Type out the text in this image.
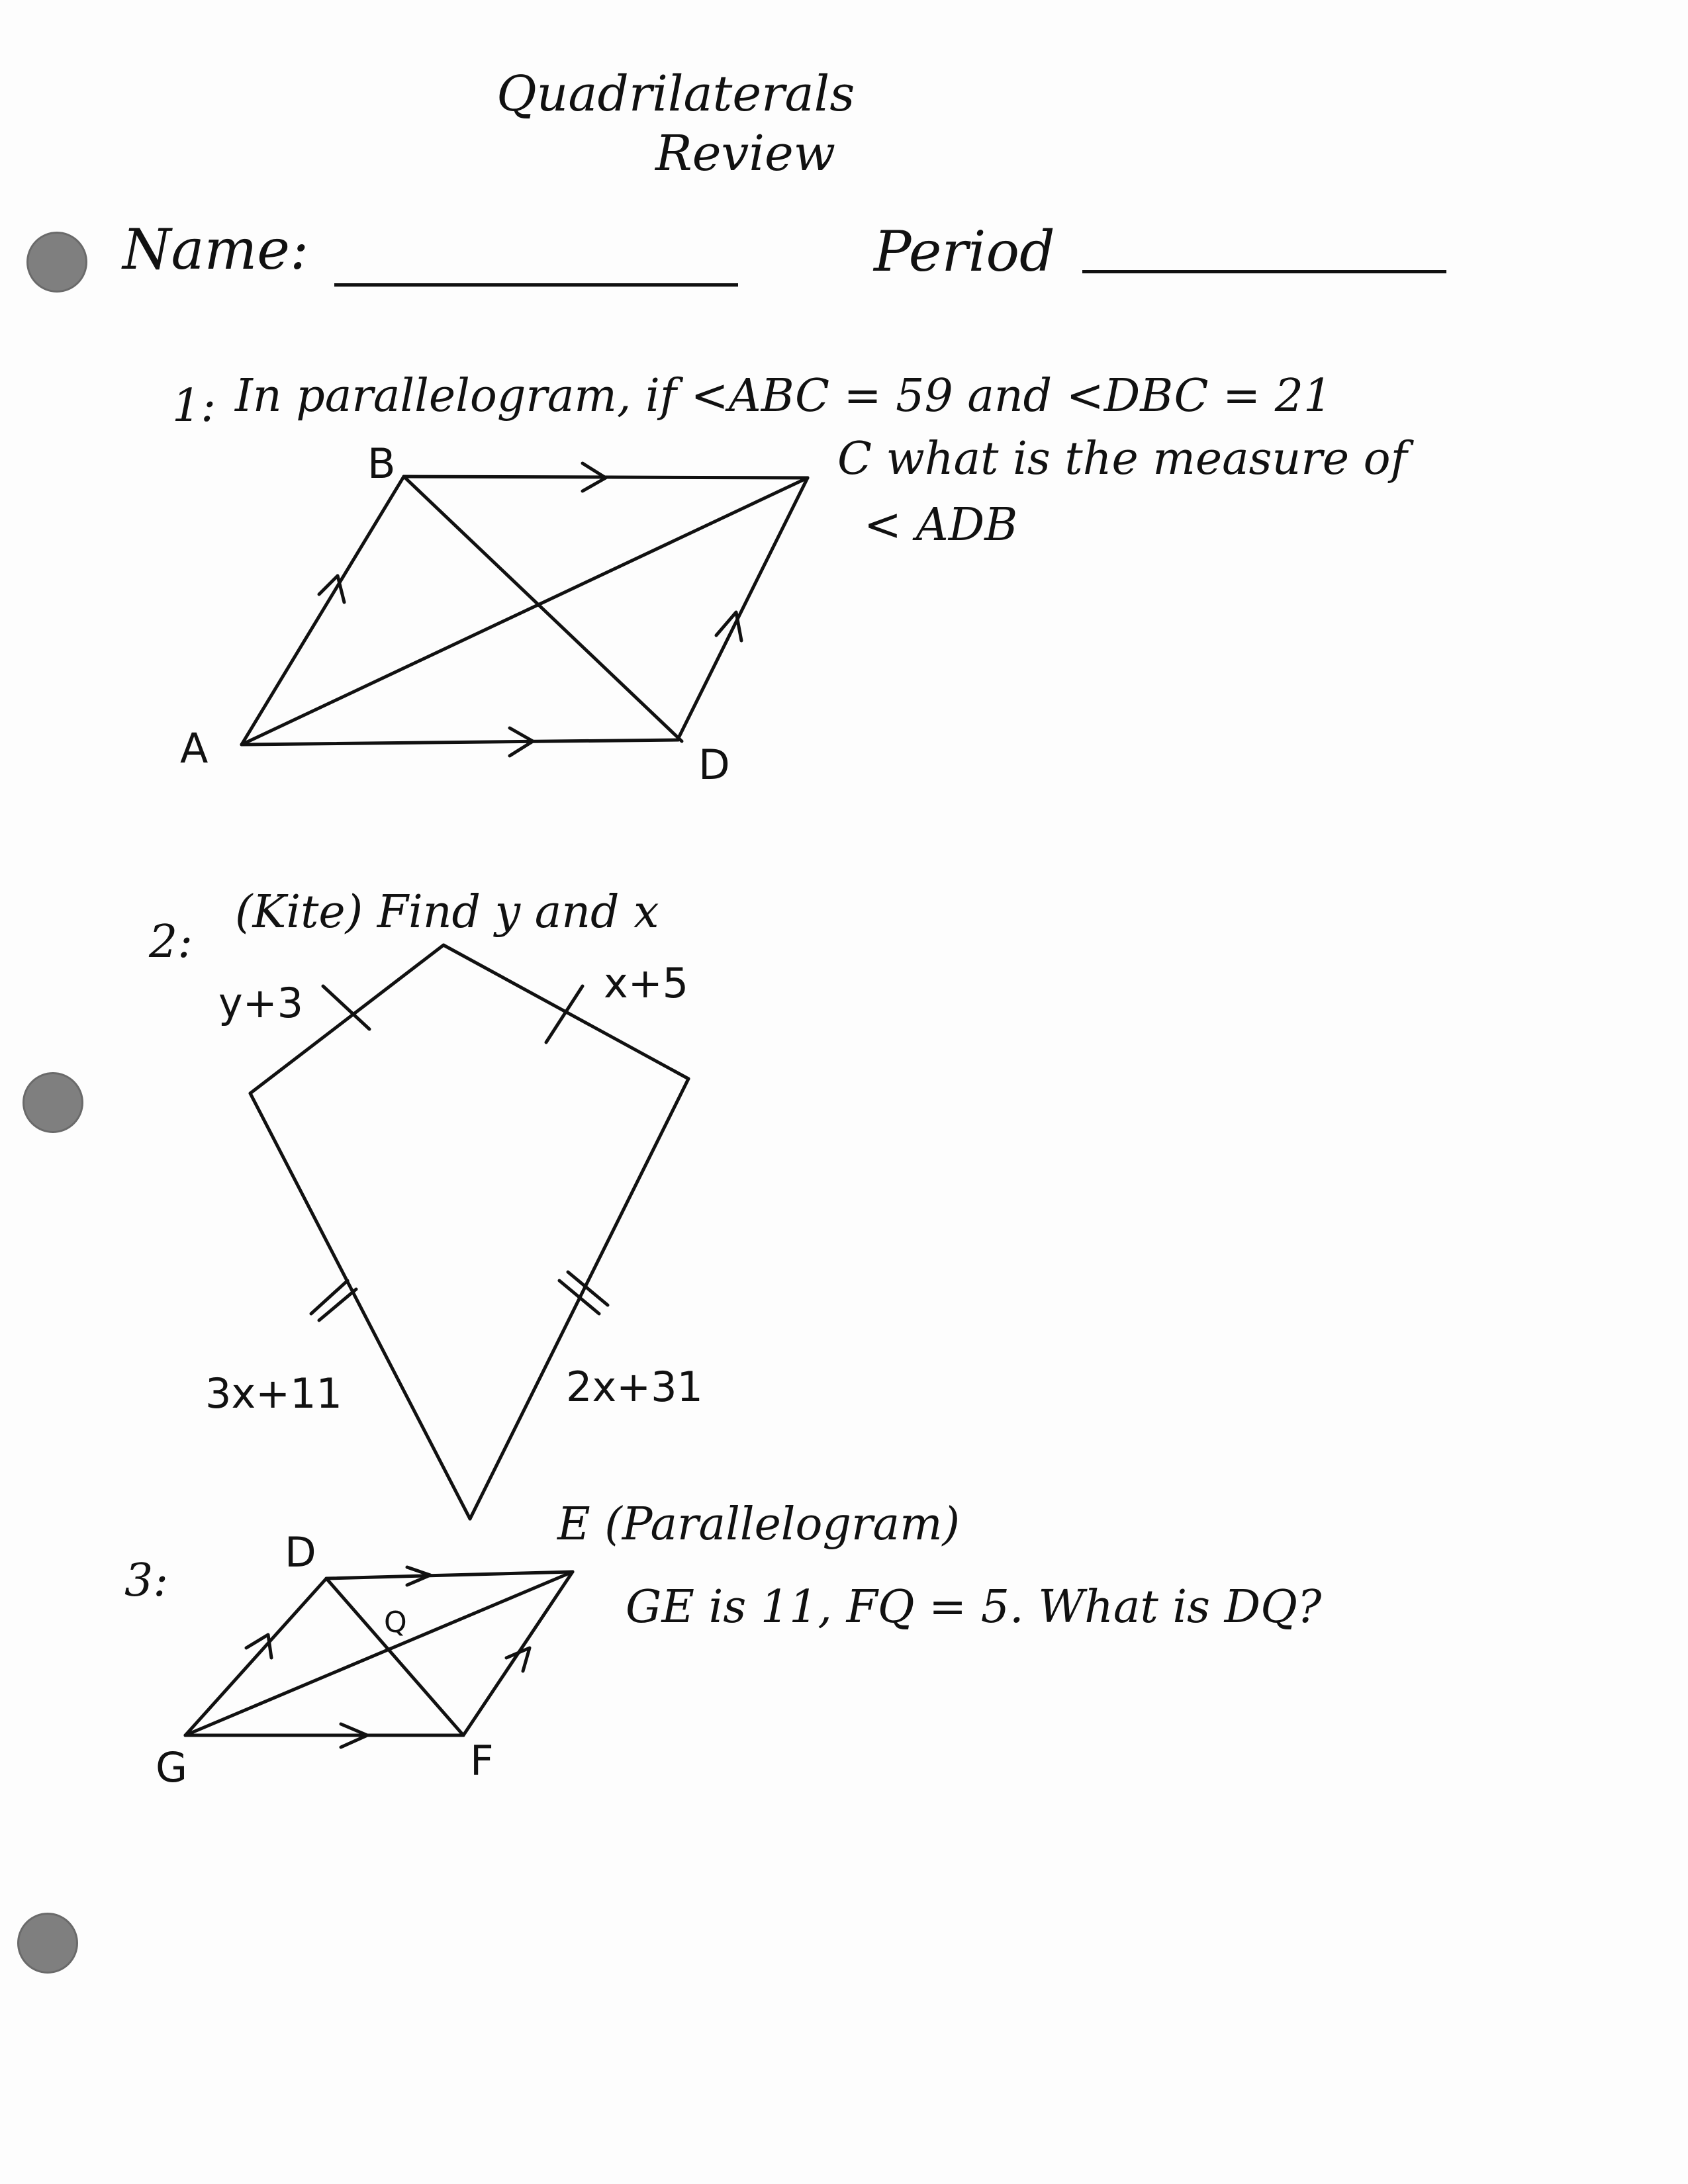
Quadrilaterals
Review
Name:	Period
1: In parallelogram, if <ABC = 59 and <DBC = 21
C what is the measure of
< ADB
B
A	D
2:
(Kite) Find y and x
y+3	x+5
3x+11	2x+31
3:
E (Parallelogram)
GE is 11, FQ = 5. What is DQ?
D
Q
G	F
